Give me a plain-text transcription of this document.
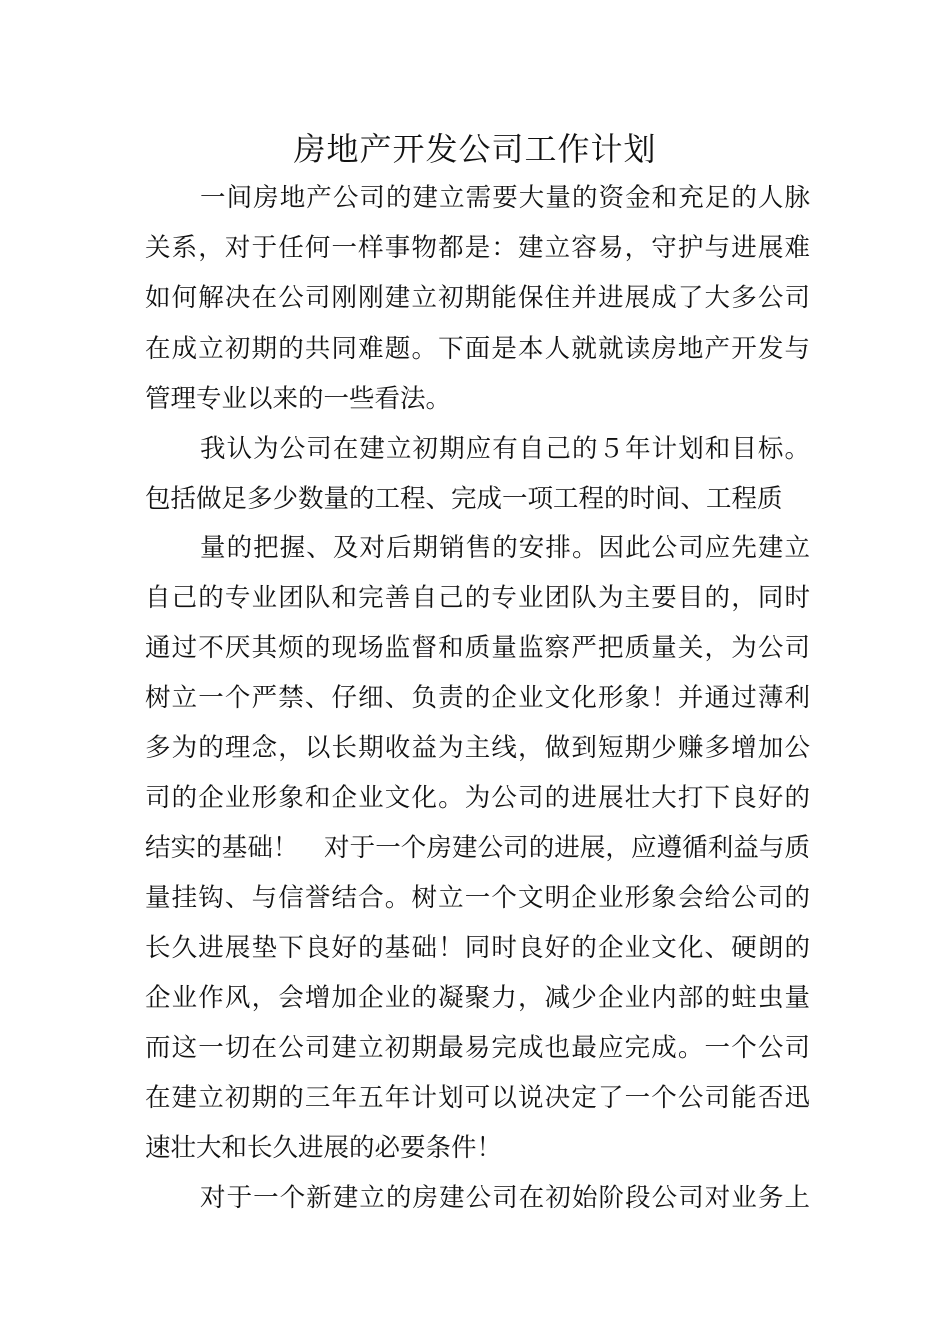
房地产开发公司工作计划
一间房地产公司的建立需要大量的资金和充足的人脉
关系，对于任何一样事物都是：建立容易，守护与进展难
如何解决在公司刚刚建立初期能保住并进展成了大多公司
在成立初期的共同难题。下面是本人就就读房地产开发与
管理专业以来的一些看法。
我认为公司在建立初期应有自己的５年计划和目标。
包括做足多少数量的工程、完成一项工程的时间、工程质
量的把握、及对后期销售的安排。因此公司应先建立
自己的专业团队和完善自己的专业团队为主要目的，同时
通过不厌其烦的现场监督和质量监察严把质量关，为公司
树立一个严禁、仔细、负责的企业文化形象！并通过薄利
多为的理念，以长期收益为主线，做到短期少赚多增加公
司的企业形象和企业文化。为公司的进展壮大打下良好的
结实的基础！　对于一个房建公司的进展，应遵循利益与质
量挂钩、与信誉结合。树立一个文明企业形象会给公司的
长久进展垫下良好的基础！同时良好的企业文化、硬朗的
企业作风，会增加企业的凝聚力，减少企业内部的蛀虫量
而这一切在公司建立初期最易完成也最应完成。一个公司
在建立初期的三年五年计划可以说决定了一个公司能否迅
速壮大和长久进展的必要条件！
对于一个新建立的房建公司在初始阶段公司对业务上
